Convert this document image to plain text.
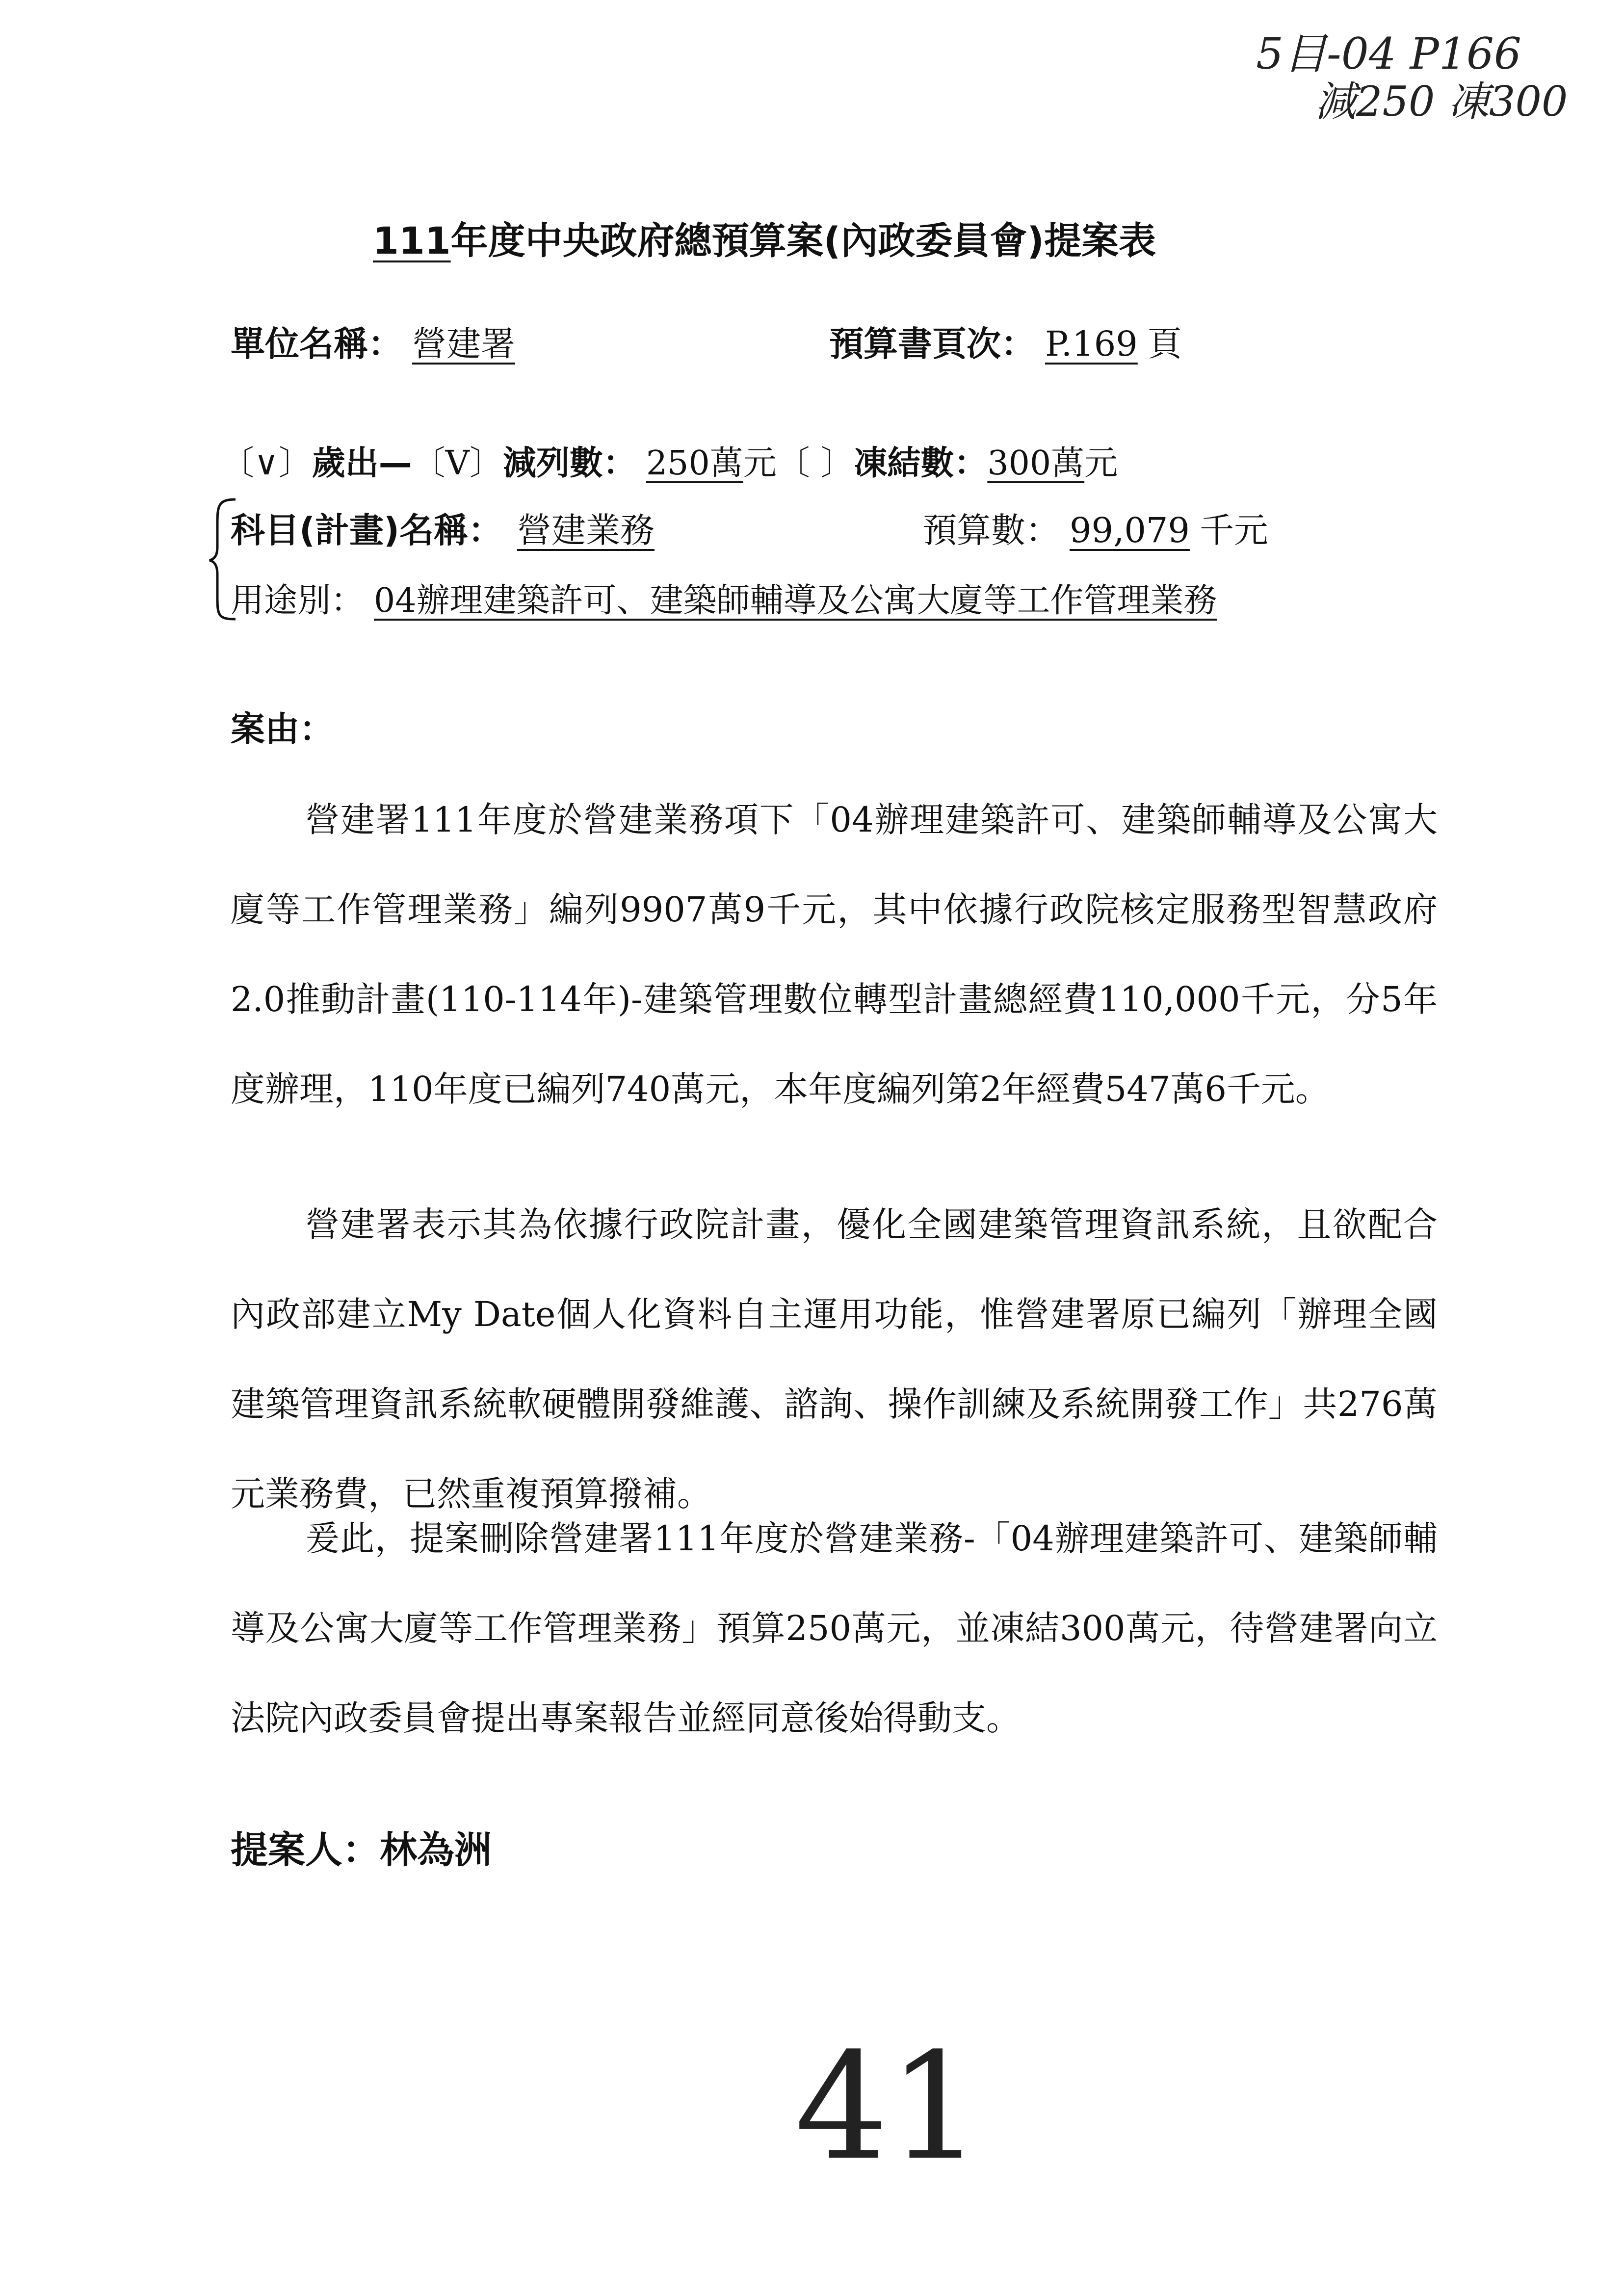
5目-04 P166
減250 凍300
111年度中央政府總預算案(內政委員會)提案表
單位名稱： 營建署	預算書頁次： P.169 頁
〔∨〕歲出—〔V〕減列數： 250萬元〔 〕凍結數：300萬元
科目(計畫)名稱： 營建業務	預算數： 99,079 千元
用途別： 04辦理建築許可、建築師輔導及公寓大廈等工作管理業務
案由：
營建署111年度於營建業務項下「04辦理建築許可、建築師輔導及公寓大廈等工作管理業務」編列9907萬9千元，其中依據行政院核定服務型智慧政府2.0推動計畫(110-114年)-建築管理數位轉型計畫總經費110,000千元，分5年度辦理，110年度已編列740萬元，本年度編列第2年經費547萬6千元。
營建署表示其為依據行政院計畫，優化全國建築管理資訊系統，且欲配合內政部建立My Date個人化資料自主運用功能，惟營建署原已編列「辦理全國建築管理資訊系統軟硬體開發維護、諮詢、操作訓練及系統開發工作」共276萬元業務費，已然重複預算撥補。
爰此，提案刪除營建署111年度於營建業務-「04辦理建築許可、建築師輔導及公寓大廈等工作管理業務」預算250萬元，並凍結300萬元，待營建署向立法院內政委員會提出專案報告並經同意後始得動支。
提案人：林為洲
41
